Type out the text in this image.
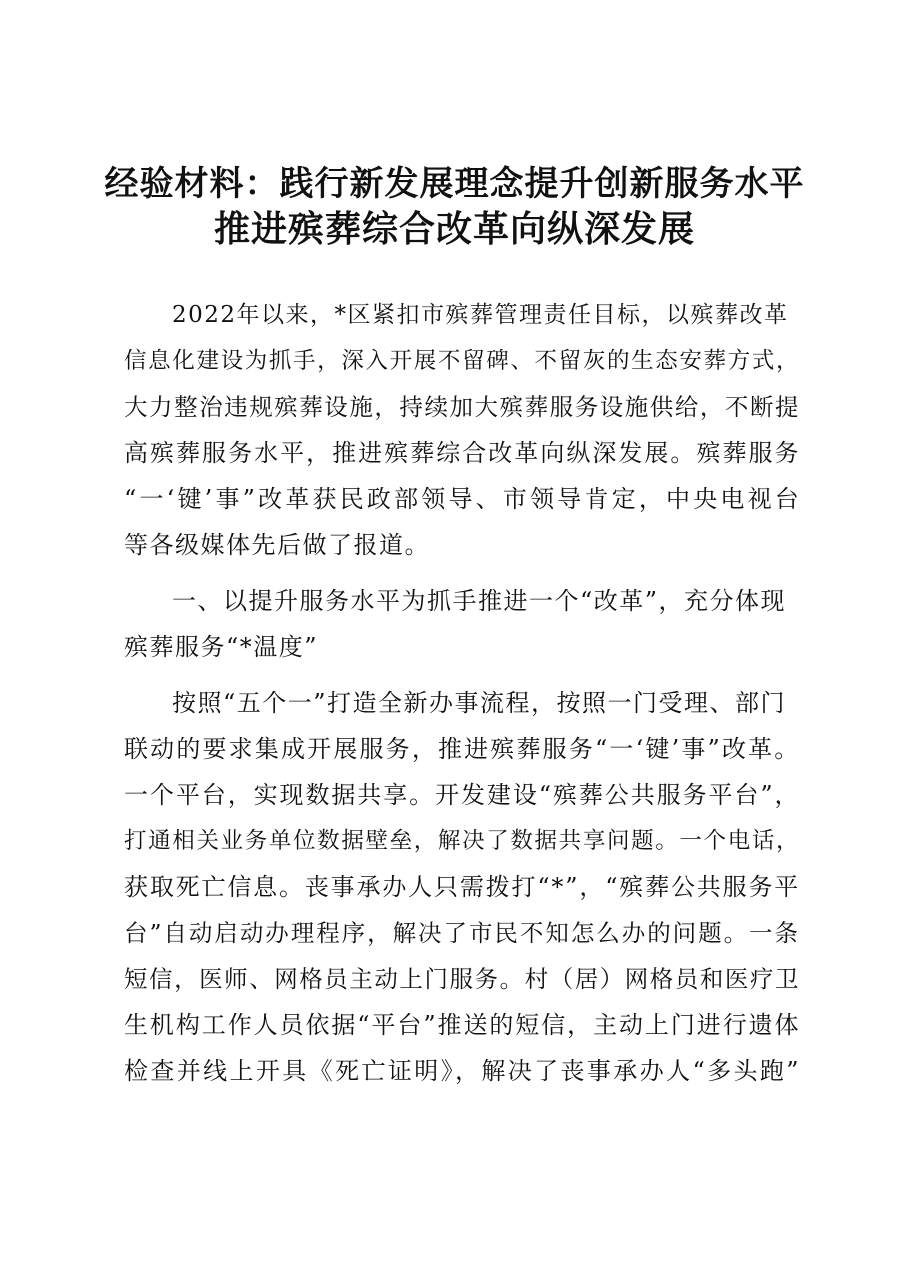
经验材料：践行新发展理念提升创新服务水平
推进殡葬综合改革向纵深发展
2022年以来，*区紧扣市殡葬管理责任目标，以殡葬改革
信息化建设为抓手，深入开展不留碑、不留灰的生态安葬方式，
大力整治违规殡葬设施，持续加大殡葬服务设施供给，不断提
高殡葬服务水平，推进殡葬综合改革向纵深发展。殡葬服务
“一‘键’事”改革获民政部领导、市领导肯定，中央电视台
等各级媒体先后做了报道。
一、以提升服务水平为抓手推进一个“改革”，充分体现
殡葬服务“*温度”
按照“五个一”打造全新办事流程，按照一门受理、部门
联动的要求集成开展服务，推进殡葬服务“一‘键’事”改革。
一个平台，实现数据共享。开发建设“殡葬公共服务平台”，
打通相关业务单位数据壁垒，解决了数据共享问题。一个电话，
获取死亡信息。丧事承办人只需拨打“*”，“殡葬公共服务平
台”自动启动办理程序，解决了市民不知怎么办的问题。一条
短信，医师、网格员主动上门服务。村（居）网格员和医疗卫
生机构工作人员依据“平台”推送的短信，主动上门进行遗体
检查并线上开具《死亡证明》，解决了丧事承办人“多头跑”
